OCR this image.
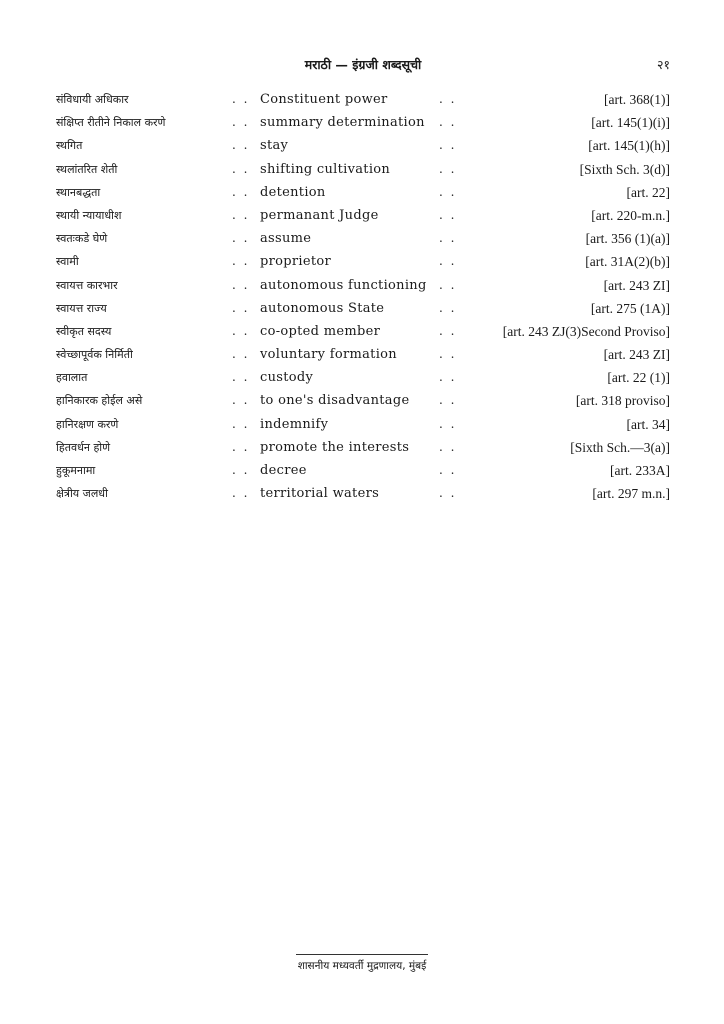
मराठी — इंग्रजी शब्दसूची	२१
संविधायी अधिकार	. . Constituent power	. .	[art. 368(1)]
संक्षिप्त रीतीने निकाल करणे	. . summary determination . .	[art. 145(1)(i)]
स्थगित	. . stay	. .	[art. 145(1)(h)]
स्थलांतरित शेती	. . shifting cultivation	. .	[Sixth Sch. 3(d)]
स्थानबद्धता	. . detention	. .	[art. 22]
स्थायी न्यायाधीश	. . permanant Judge	. .	[art. 220-m.n.]
स्वतःकडे घेणे	. . assume	. .	[art. 356 (1)(a)]
स्वामी	. . proprietor	. .	[art. 31A(2)(b)]
स्वायत्त कारभार	. . autonomous functioning . .	[art. 243 ZI]
स्वायत्त राज्य	. . autonomous State	. .	[art. 275 (1A)]
स्वीकृत सदस्य	. . co-opted member	. .	[art. 243 ZJ(3)Second Proviso]
स्वेच्छापूर्वक निर्मिती	. . voluntary formation	. .	[art. 243 ZI]
हवालात	. . custody	. .	[art. 22 (1)]
हानिकारक होईल असे	. . to one's disadvantage . .	[art. 318 proviso]
हानिरक्षण करणे	. . indemnify	. .	[art. 34]
हितवर्धन होणे	. . promote the interests . .	[Sixth Sch.—3(a)]
हुकूमनामा	. . decree	. .	[art. 233A]
क्षेत्रीय जलधी	. . territorial waters	. .	[art. 297 m.n.]
शासनीय मध्यवर्ती मुद्रणालय, मुंबई
